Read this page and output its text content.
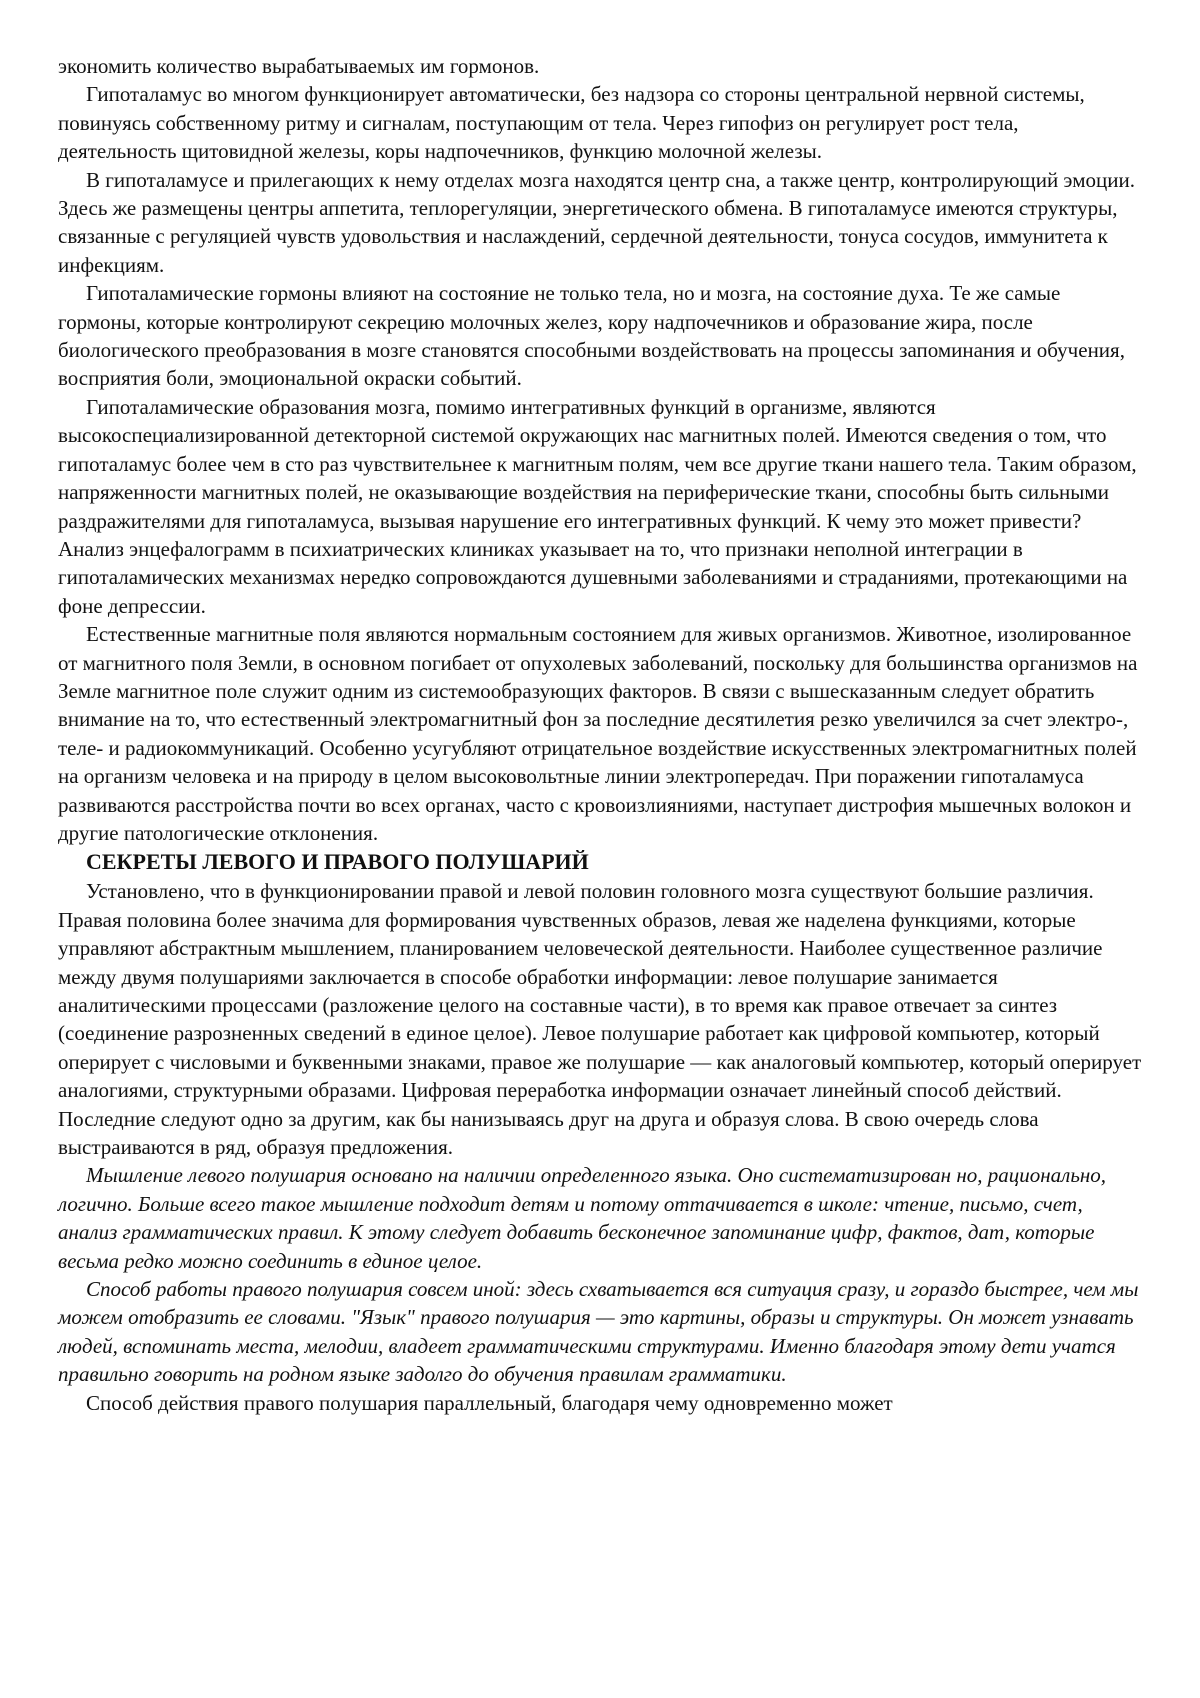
экономить количество вырабатываемых им гормонов.

Гипоталамус во многом функционирует автоматически, без надзора со стороны центральной нервной системы, повинуясь собственному ритму и сигналам, поступающим от тела. Через гипофиз он регулирует рост тела, деятельность щитовидной железы, коры надпочечников, функцию молочной железы.

В гипоталамусе и прилегающих к нему отделах мозга находятся центр сна, а также центр, контролирующий эмоции. Здесь же размещены центры аппетита, теплорегуляции, энергетического обмена. В гипоталамусе имеются структуры, связанные с регуляцией чувств удовольствия и наслаждений, сердечной деятельности, тонуса сосудов, иммунитета к инфекциям.

Гипоталамические гормоны влияют на состояние не только тела, но и мозга, на состояние духа. Те же самые гормоны, которые контролируют секрецию молочных желез, кору надпочечников и образование жира, после биологического преобразования в мозге становятся способными воздействовать на процессы запоминания и обучения, восприятия боли, эмоциональной окраски событий.

Гипоталамические образования мозга, помимо интегративных функций в организме, являются высокоспециализированной детекторной системой окружающих нас магнитных полей. Имеются сведения о том, что гипоталамус более чем в сто раз чувствительнее к магнитным полям, чем все другие ткани нашего тела. Таким образом, напряженности магнитных полей, не оказывающие воздействия на периферические ткани, способны быть сильными раздражителями для гипоталамуса, вызывая нарушение его интегративных функций. К чему это может привести? Анализ энцефалограмм в психиатрических клиниках указывает на то, что признаки неполной интеграции в гипоталамических механизмах нередко сопровождаются душевными заболеваниями и страданиями, протекающими на фоне депрессии.

Естественные магнитные поля являются нормальным состоянием для живых организмов. Животное, изолированное от магнитного поля Земли, в основном погибает от опухолевых заболеваний, поскольку для большинства организмов на Земле магнитное поле служит одним из системообразующих факторов. В связи с вышесказанным следует обратить внимание на то, что естественный электромагнитный фон за последние десятилетия резко увеличился за счет электро-, теле- и радиокоммуникаций. Особенно усугубляют отрицательное воздействие искусственных электромагнитных полей на организм человека и на природу в целом высоковольтные линии электропередач. При поражении гипоталамуса развиваются расстройства почти во всех органах, часто с кровоизлияниями, наступает дистрофия мышечных волокон и другие патологические отклонения.

СЕКРЕТЫ ЛЕВОГО И ПРАВОГО ПОЛУШАРИЙ

Установлено, что в функционировании правой и левой половин головного мозга существуют большие различия. Правая половина более значима для формирования чувственных образов, левая же наделена функциями, которые управляют абстрактным мышлением, планированием человеческой деятельности. Наиболее существенное различие между двумя полушариями заключается в способе обработки информации: левое полушарие занимается аналитическими процессами (разложение целого на составные части), в то время как правое отвечает за синтез (соединение разрозненных сведений в единое целое). Левое полушарие работает как цифровой компьютер, который оперирует с числовыми и буквенными знаками, правое же полушарие — как аналоговый компьютер, который оперирует аналогиями, структурными образами. Цифровая переработка информации означает линейный способ действий. Последние следуют одно за другим, как бы нанизываясь друг на друга и образуя слова. В свою очередь слова выстраиваются в ряд, образуя предложения.

Мышление левого полушария основано на наличии определенного языка. Оно систематизирован но, рационально, логично. Больше всего такое мышление подходит детям и потому оттачивается в школе: чтение, письмо, счет, анализ грамматических правил. К этому следует добавить бесконечное запоминание цифр, фактов, дат, которые весьма редко можно соединить в единое целое.

Способ работы правого полушария совсем иной: здесь схватывается вся ситуация сразу, и гораздо быстрее, чем мы можем отобразить ее словами. "Язык" правого полушария — это картины, образы и структуры. Он может узнавать людей, вспоминать места, мелодии, владеет грамматическими структурами. Именно благодаря этому дети учатся правильно говорить на родном языке задолго до обучения правилам грамматики.

Способ действия правого полушария параллельный, благодаря чему одновременно может
